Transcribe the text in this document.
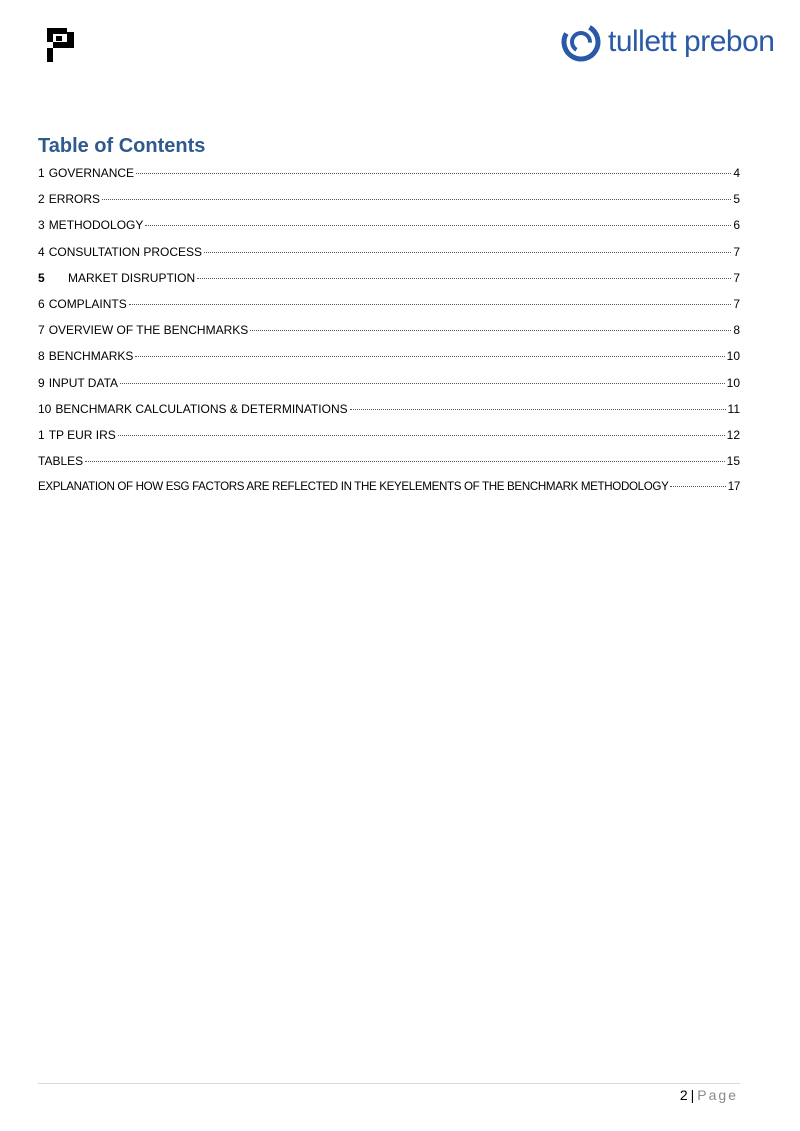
tullett prebon
Table of Contents
1 GOVERNANCE	4
2 ERRORS	5
3 METHODOLOGY	6
4 CONSULTATION PROCESS	7
5	MARKET DISRUPTION	7
6 COMPLAINTS	7
7 OVERVIEW OF THE BENCHMARKS	8
8 BENCHMARKS	10
9 INPUT DATA	10
10 BENCHMARK CALCULATIONS & DETERMINATIONS	11
1 TP EUR IRS	12
TABLES	15
EXPLANATION OF HOW ESG FACTORS ARE REFLECTED IN THE KEYELEMENTS OF THE BENCHMARK METHODOLOGY	17
2 | Page
